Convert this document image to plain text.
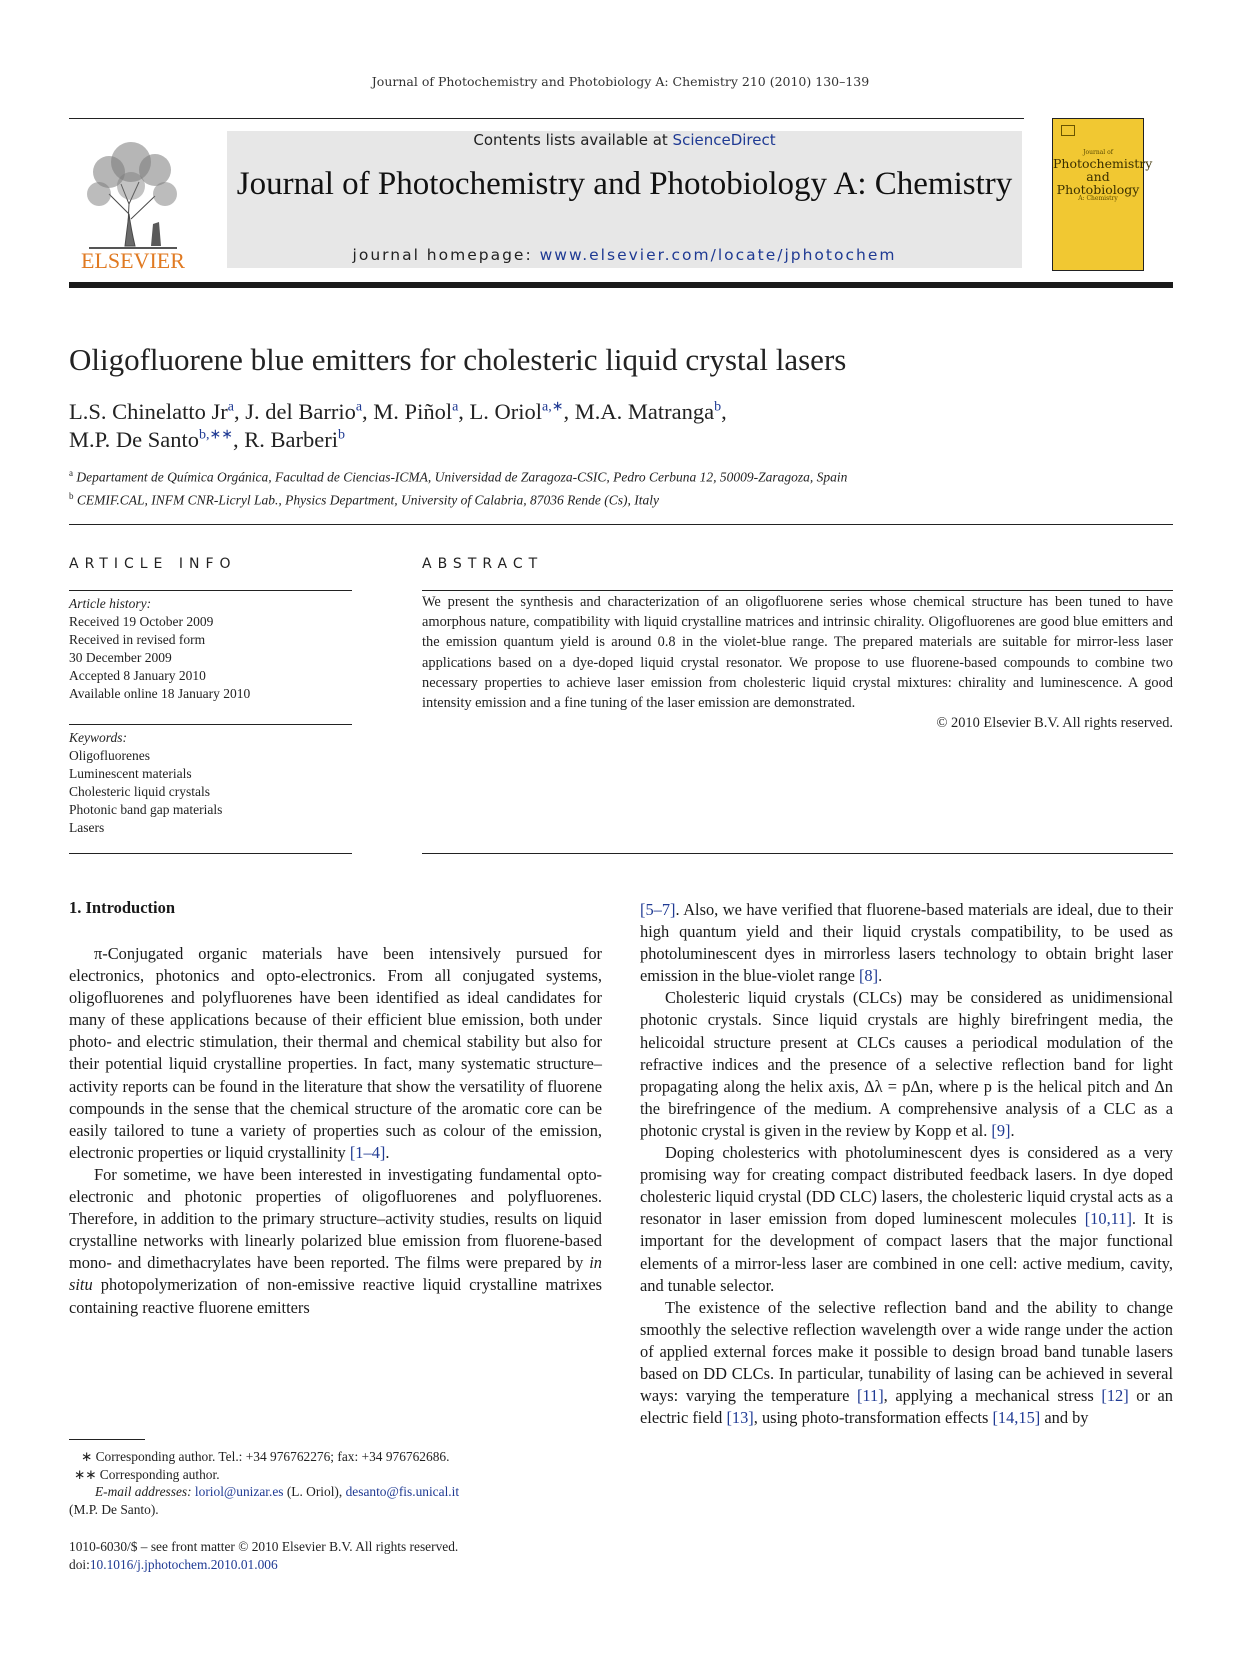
Journal of Photochemistry and Photobiology A: Chemistry 210 (2010) 130–139
ELSEVIER
Contents lists available at ScienceDirect
Journal of Photochemistry and Photobiology A: Chemistry
journal homepage: www.elsevier.com/locate/jphotochem
Journal of
Photochemistry and Photobiology
A: Chemistry
Oligofluorene blue emitters for cholesteric liquid crystal lasers
L.S. Chinelatto Jr$^a$, J. del Barrio$^a$, M. Piñol$^a$, L. Oriol$^{a,∗}$, M.A. Matranga$^b$,
M.P. De Santo$^{b,∗∗}$, R. Barberi$^b$
$^a$ Departament de Química Orgánica, Facultad de Ciencias-ICMA, Universidad de Zaragoza-CSIC, Pedro Cerbuna 12, 50009-Zaragoza, Spain
$^b$ CEMIF.CAL, INFM CNR-Licryl Lab., Physics Department, University of Calabria, 87036 Rende (Cs), Italy
ARTICLE INFO
Article history:
Received 19 October 2009
Received in revised form
30 December 2009
Accepted 8 January 2010
Available online 18 January 2010
Keywords:
Oligofluorenes
Luminescent materials
Cholesteric liquid crystals
Photonic band gap materials
Lasers
ABSTRACT
We present the synthesis and characterization of an oligofluorene series whose chemical structure has been tuned to have amorphous nature, compatibility with liquid crystalline matrices and intrinsic chirality. Oligofluorenes are good blue emitters and the emission quantum yield is around 0.8 in the violet-blue range. The prepared materials are suitable for mirror-less laser applications based on a dye-doped liquid crystal resonator. We propose to use fluorene-based compounds to combine two necessary properties to achieve laser emission from cholesteric liquid crystal mixtures: chirality and luminescence. A good intensity emission and a fine tuning of the laser emission are demonstrated.
© 2010 Elsevier B.V. All rights reserved.
1. Introduction

π-Conjugated organic materials have been intensively pursued for electronics, photonics and opto-electronics. From all conjugated systems, oligofluorenes and polyfluorenes have been identified as ideal candidates for many of these applications because of their efficient blue emission, both under photo- and electric stimulation, their thermal and chemical stability but also for their potential liquid crystalline properties. In fact, many systematic structure–activity reports can be found in the literature that show the versatility of fluorene compounds in the sense that the chemical structure of the aromatic core can be easily tailored to tune a variety of properties such as colour of the emission, electronic properties or liquid crystallinity [1–4].

For sometime, we have been interested in investigating fundamental opto-electronic and photonic properties of oligofluorenes and polyfluorenes. Therefore, in addition to the primary structure–activity studies, results on liquid crystalline networks with linearly polarized blue emission from fluorene-based mono- and dimethacrylates have been reported. The films were prepared by in situ photopolymerization of non-emissive reactive liquid crystalline matrixes containing reactive fluorene emitters

[5–7]. Also, we have verified that fluorene-based materials are ideal, due to their high quantum yield and their liquid crystals compatibility, to be used as photoluminescent dyes in mirrorless lasers technology to obtain bright laser emission in the blue-violet range [8].

Cholesteric liquid crystals (CLCs) may be considered as unidimensional photonic crystals. Since liquid crystals are highly birefringent media, the helicoidal structure present at CLCs causes a periodical modulation of the refractive indices and the presence of a selective reflection band for light propagating along the helix axis, Δλ = pΔn, where p is the helical pitch and Δn the birefringence of the medium. A comprehensive analysis of a CLC as a photonic crystal is given in the review by Kopp et al. [9].

Doping cholesterics with photoluminescent dyes is considered as a very promising way for creating compact distributed feedback lasers. In dye doped cholesteric liquid crystal (DD CLC) lasers, the cholesteric liquid crystal acts as a resonator in laser emission from doped luminescent molecules [10,11]. It is important for the development of compact lasers that the major functional elements of a mirror-less laser are combined in one cell: active medium, cavity, and tunable selector.

The existence of the selective reflection band and the ability to change smoothly the selective reflection wavelength over a wide range under the action of applied external forces make it possible to design broad band tunable lasers based on DD CLCs. In particular, tunability of lasing can be achieved in several ways: varying the temperature [11], applying a mechanical stress [12] or an electric field [13], using photo-transformation effects [14,15] and by

∗ Corresponding author. Tel.: +34 976762276; fax: +34 976762686.
∗∗ Corresponding author.
E-mail addresses: loriol@unizar.es (L. Oriol), desanto@fis.unical.it
(M.P. De Santo).
1010-6030/$ – see front matter © 2010 Elsevier B.V. All rights reserved.
doi:10.1016/j.jphotochem.2010.01.006
